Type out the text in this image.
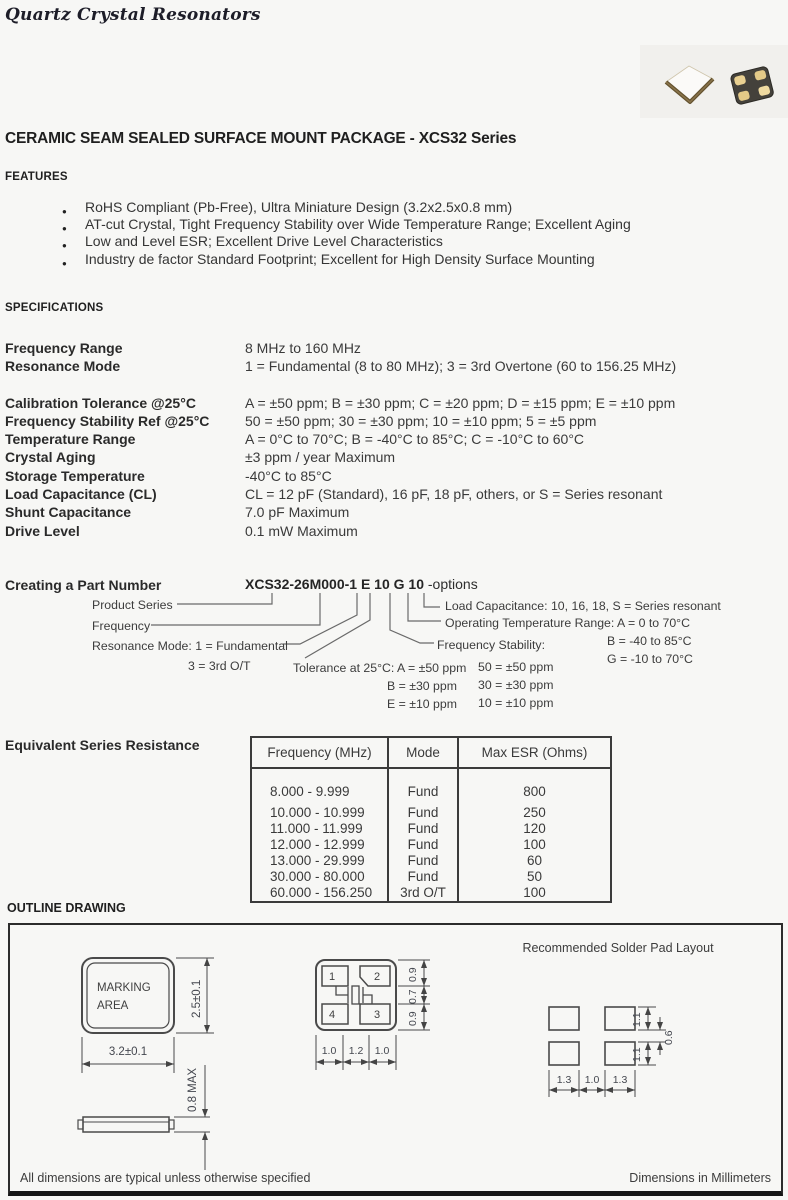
Quartz Crystal Resonators
CERAMIC SEAM SEALED SURFACE MOUNT PACKAGE - XCS32 Series
FEATURES
● RoHS Compliant (Pb-Free), Ultra Miniature Design (3.2x2.5x0.8 mm)
● AT-cut Crystal, Tight Frequency Stability over Wide Temperature Range; Excellent Aging
● Low and Level ESR; Excellent Drive Level Characteristics
● Industry de factor Standard Footprint; Excellent for High Density Surface Mounting
SPECIFICATIONS
Frequency Range	8 MHz to 160 MHz
Resonance Mode	1 = Fundamental (8 to 80 MHz); 3 = 3rd Overtone (60 to 156.25 MHz)
Calibration Tolerance @25°C	A = ±50 ppm; B = ±30 ppm; C = ±20 ppm; D = ±15 ppm; E = ±10 ppm
Frequency Stability Ref @25°C	50 = ±50 ppm; 30 = ±30 ppm; 10 = ±10 ppm; 5 = ±5 ppm
Temperature Range	A = 0°C to 70°C; B = -40°C to 85°C; C = -10°C to 60°C
Crystal Aging	±3 ppm / year Maximum
Storage Temperature	-40°C to 85°C
Load Capacitance (CL)	CL = 12 pF (Standard), 16 pF, 18 pF, others, or S = Series resonant
Shunt Capacitance	7.0 pF Maximum
Drive Level	0.1 mW Maximum
Creating a Part Number	XCS32-26M000-1 E 10 G 10 -options
Product Series
Frequency
Resonance Mode: 1 = Fundamental
3 = 3rd O/T	Tolerance at 25°C: A = ±50 ppm
B = ±30 ppm
E = ±10 ppm
Load Capacitance: 10, 16, 18, S = Series resonant
Operating Temperature Range: A = 0 to 70°C
B = -40 to 85°C
Frequency Stability:
G = -10 to 70°C
50 = ±50 ppm
30 = ±30 ppm
10 = ±10 ppm
Equivalent Series Resistance	Frequency (MHz)	Mode	Max ESR (Ohms)
8.000 - 9.999	Fund	800
10.000 - 10.999	Fund	250
11.000 - 11.999	Fund	120
12.000 - 12.999	Fund	100
13.000 - 29.999	Fund	60
30.000 - 80.000	Fund	50
60.000 - 156.250	3rd O/T	100
OUTLINE DRAWING
MARKING
AREA	2.5±0.1
3.2±0.1
0.8 MAX
1	2
4	3
0.9
0.7
0.9
1.0 1.2 1.0
Recommended Solder Pad Layout
1.1
0.6
1.1
1.3 1.0 1.3
All dimensions are typical unless otherwise specified	Dimensions in Millimeters
